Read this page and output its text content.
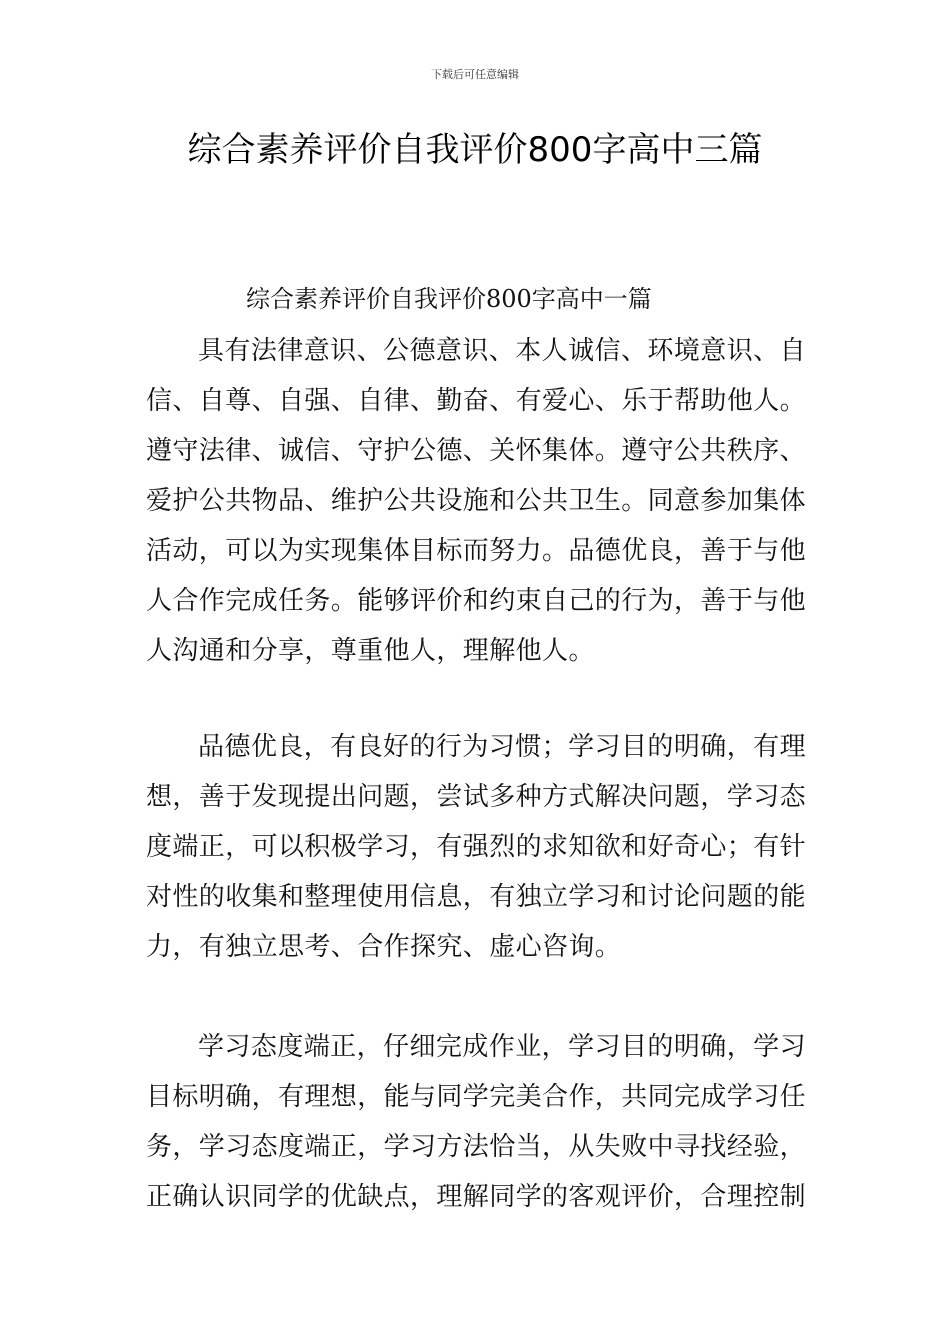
下载后可任意编辑
综合素养评价自我评价800字高中三篇
综合素养评价自我评价800字高中一篇

具有法律意识、公德意识、本人诚信、环境意识、自信、自尊、自强、自律、勤奋、有爱心、乐于帮助他人。遵守法律、诚信、守护公德、关怀集体。遵守公共秩序、爱护公共物品、维护公共设施和公共卫生。同意参加集体活动，可以为实现集体目标而努力。品德优良，善于与他人合作完成任务。能够评价和约束自己的行为，善于与他人沟通和分享，尊重他人，理解他人。

品德优良，有良好的行为习惯；学习目的明确，有理想，善于发现提出问题，尝试多种方式解决问题，学习态度端正，可以积极学习，有强烈的求知欲和好奇心；有针对性的收集和整理使用信息，有独立学习和讨论问题的能力，有独立思考、合作探究、虚心咨询。

学习态度端正，仔细完成作业，学习目的明确，学习目标明确，有理想，能与同学完美合作，共同完成学习任务，学习态度端正，学习方法恰当，从失败中寻找经验，正确认识同学的优缺点，理解同学的客观评价，合理控制
